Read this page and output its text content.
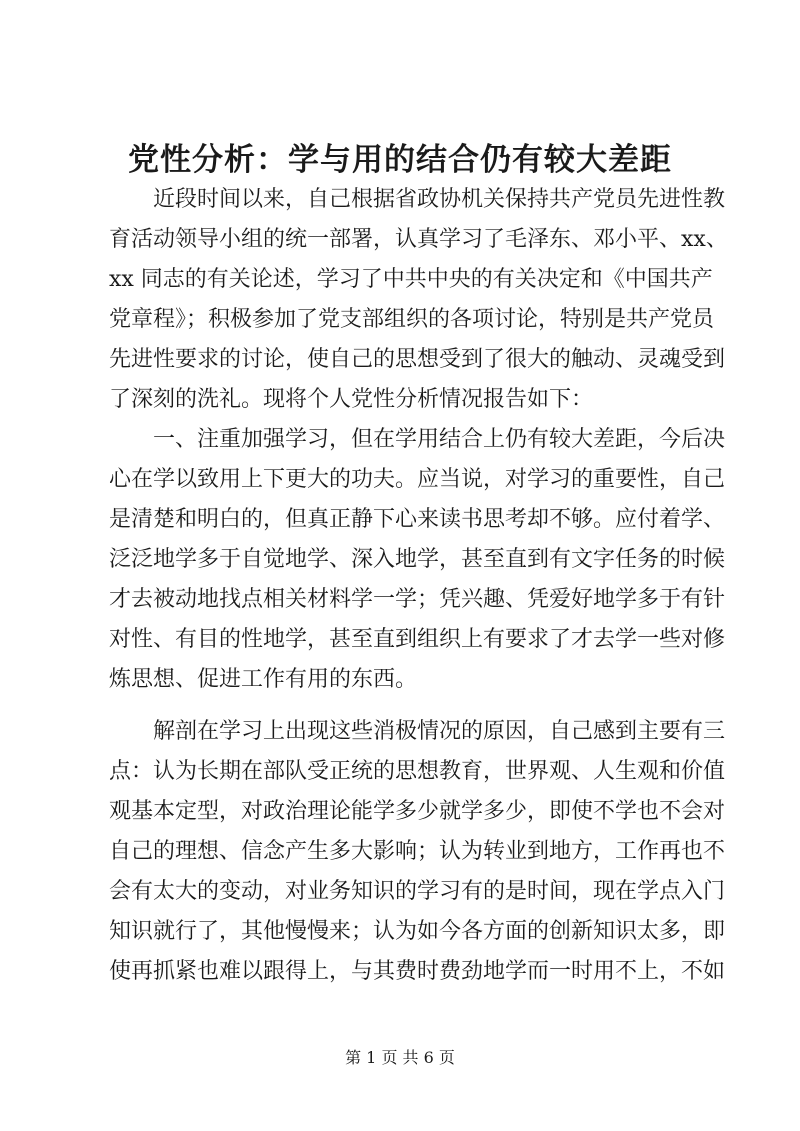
党性分析：学与用的结合仍有较大差距
近段时间以来，自己根据省政协机关保持共产党员先进性教
育活动领导小组的统一部署，认真学习了毛泽东、邓小平、xx、
xx 同志的有关论述，学习了中共中央的有关决定和《中国共产
党章程》；积极参加了党支部组织的各项讨论，特别是共产党员
先进性要求的讨论，使自己的思想受到了很大的触动、灵魂受到
了深刻的洗礼。现将个人党性分析情况报告如下：
一、注重加强学习，但在学用结合上仍有较大差距，今后决
心在学以致用上下更大的功夫。应当说，对学习的重要性，自己
是清楚和明白的，但真正静下心来读书思考却不够。应付着学、
泛泛地学多于自觉地学、深入地学，甚至直到有文字任务的时候
才去被动地找点相关材料学一学；凭兴趣、凭爱好地学多于有针
对性、有目的性地学，甚至直到组织上有要求了才去学一些对修
炼思想、促进工作有用的东西。
解剖在学习上出现这些消极情况的原因，自己感到主要有三
点：认为长期在部队受正统的思想教育，世界观、人生观和价值
观基本定型，对政治理论能学多少就学多少，即使不学也不会对
自己的理想、信念产生多大影响；认为转业到地方，工作再也不
会有太大的变动，对业务知识的学习有的是时间，现在学点入门
知识就行了，其他慢慢来；认为如今各方面的创新知识太多，即
使再抓紧也难以跟得上，与其费时费劲地学而一时用不上，不如
第 1 页 共 6 页
